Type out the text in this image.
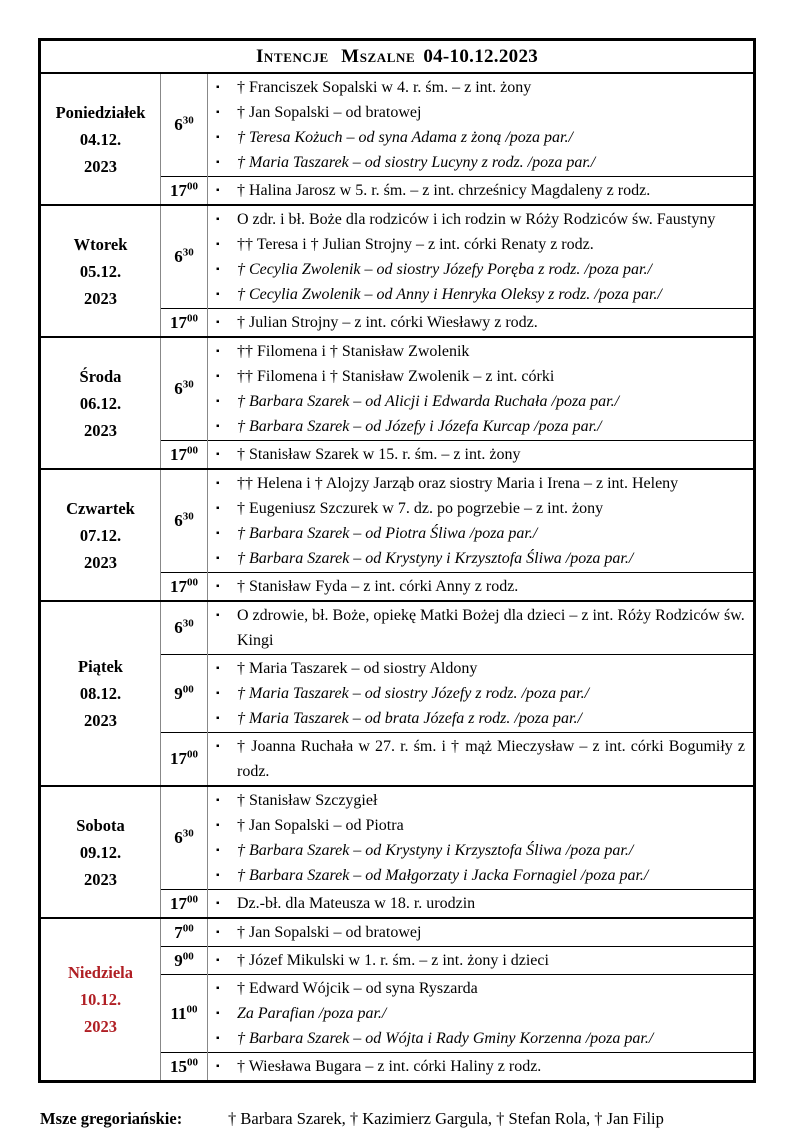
Intencje Mszalne 04-10.12.2023		

Poniedziałek
04.12.
2023
	$6^{30}$	
▪	† Franciszek Sopalski w 4. r. śm. – z int. żony
▪	† Jan Sopalski – od bratowej
▪	† Teresa Kożuch – od syna Adama z żoną /poza par./
▪	† Maria Taszarek – od siostry Lucyny z rodz. /poza par./

	$17^{00}$	▪ † Halina Jarosz w 5. r. śm. – z int. chrześnicy Magdaleny z rodz.

Wtorek
05.12.
2023
	$6^{30}$	
▪	O zdr. i bł. Boże dla rodziców i ich rodzin w Róży Rodziców św. Faustyny
▪	†† Teresa i † Julian Strojny – z int. córki Renaty z rodz.
▪	† Cecylia Zwolenik – od siostry Józefy Poręba z rodz. /poza par./
▪	† Cecylia Zwolenik – od Anny i Henryka Oleksy z rodz. /poza par./

	$17^{00}$	▪ † Julian Strojny – z int. córki Wiesławy z rodz.

Środa
06.12.
2023
	$6^{30}$	
▪	†† Filomena i † Stanisław Zwolenik
▪	†† Filomena i † Stanisław Zwolenik – z int. córki
▪	† Barbara Szarek – od Alicji i Edwarda Ruchała /poza par./
▪	† Barbara Szarek – od Józefy i Józefa Kurcap /poza par./

	$17^{00}$	▪ † Stanisław Szarek w 15. r. śm. – z int. żony

Czwartek
07.12.
2023
	$6^{30}$	
▪	†† Helena i † Alojzy Jarząb oraz siostry Maria i Irena – z int. Heleny
▪	† Eugeniusz Szczurek w 7. dz. po pogrzebie – z int. żony
▪	† Barbara Szarek – od Piotra Śliwa /poza par./
▪	† Barbara Szarek – od Krystyny i Krzysztofa Śliwa /poza par./

	$17^{00}$	▪ † Stanisław Fyda – z int. córki Anny z rodz.

Piątek
08.12.
2023
	$6^{30}$	
▪	O zdrowie, bł. Boże, opiekę Matki Bożej dla dzieci – z int. Róży Rodziców św. Kingi

$9^{00}$	
▪	† Maria Taszarek – od siostry Aldony
▪	† Maria Taszarek – od siostry Józefy z rodz. /poza par./
▪	† Maria Taszarek – od brata Józefa z rodz. /poza par./

	$17^{00}$	▪ † Joanna Ruchała w 27. r. śm. i † mąż Mieczysław – z int. córki Bogumiły z rodz.

Sobota
09.12.
2023
	$6^{30}$	
▪	† Stanisław Szczygieł
▪	† Jan Sopalski – od Piotra
▪	† Barbara Szarek – od Krystyny i Krzysztofa Śliwa /poza par./
▪	† Barbara Szarek – od Małgorzaty i Jacka Fornagiel /poza par./

	$17^{00}$	▪ Dz.-bł. dla Mateusza w 18. r. urodzin

Niedziela
10.12.
2023
	$7^{00}$	▪	† Jan Sopalski – od bratowej

	$9^{00}$	▪ † Józef Mikulski w 1. r. śm. – z int. żony i dzieci

$11^{00}$	
▪	† Edward Wójcik – od syna Ryszarda
▪	Za Parafian /poza par./
▪	† Barbara Szarek – od Wójta i Rady Gminy Korzenna /poza par./

	$15^{00}$	▪ † Wiesława Bugara – z int. córki Haliny z rodz.
Msze gregoriańskie:	† Barbara Szarek, † Kazimierz Gargula, † Stefan Rola, † Jan Filip
